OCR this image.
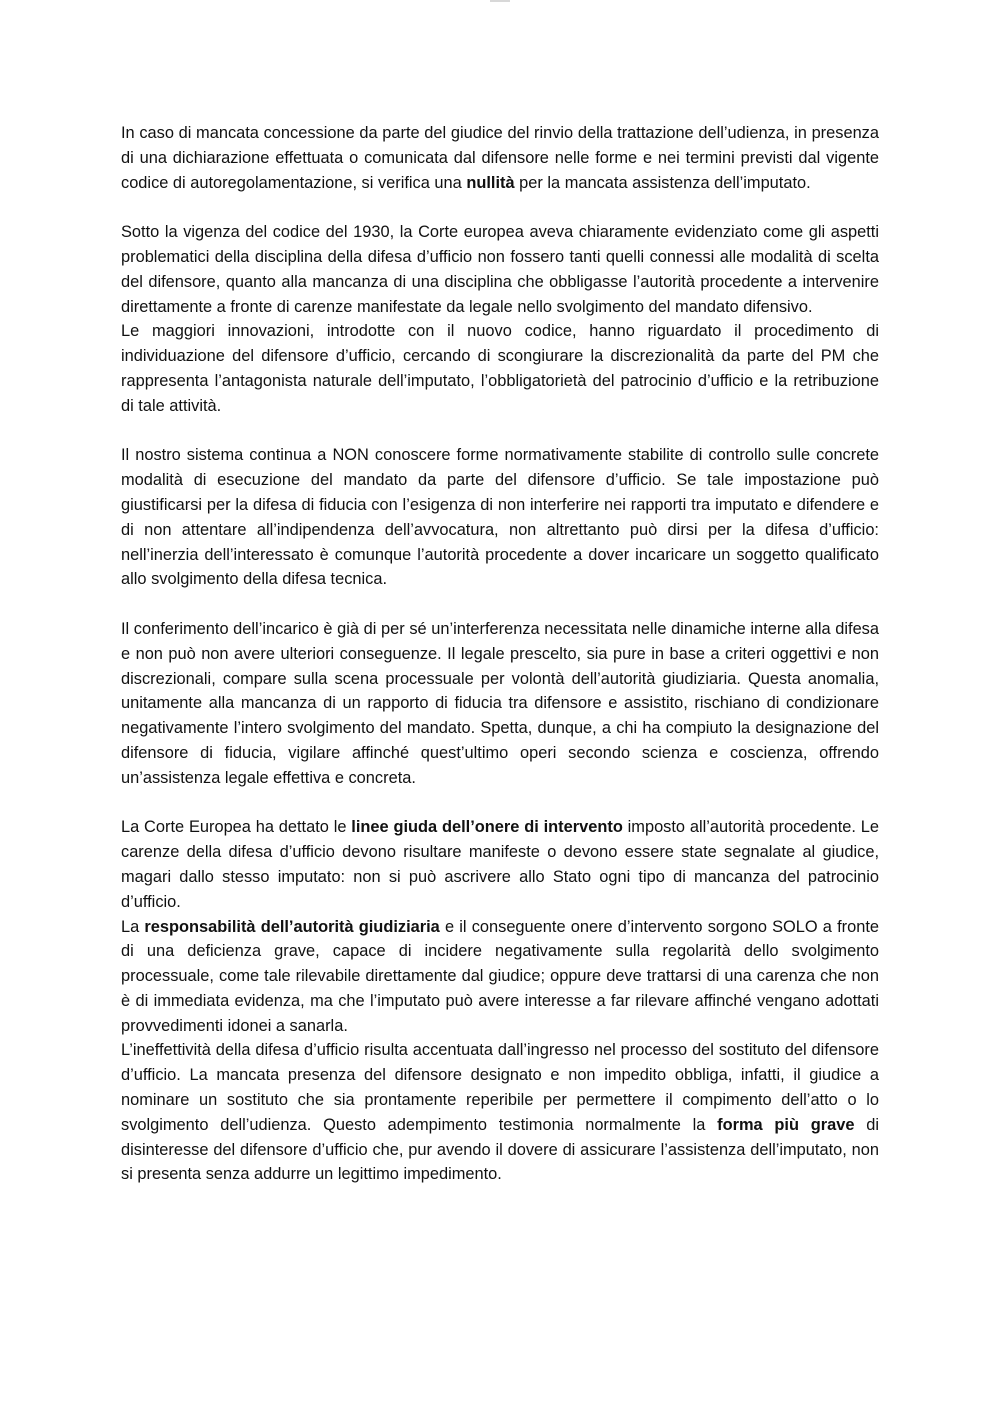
In caso di mancata concessione da parte del giudice del rinvio della trattazione dell’udienza, in presenza di una dichiarazione effettuata o comunicata dal difensore nelle forme e nei termini previsti dal vigente codice di autoregolamentazione, si verifica una nullità per la mancata assistenza dell’imputato.

Sotto la vigenza del codice del 1930, la Corte europea aveva chiaramente evidenziato come gli aspetti problematici della disciplina della difesa d’ufficio non fossero tanti quelli connessi alle modalità di scelta del difensore, quanto alla mancanza di una disciplina che obbligasse l’autorità procedente a intervenire direttamente a fronte di carenze manifestate da legale nello svolgimento del mandato difensivo.

Le maggiori innovazioni, introdotte con il nuovo codice, hanno riguardato il procedimento di individuazione del difensore d’ufficio, cercando di scongiurare la discrezionalità da parte del PM che rappresenta l’antagonista naturale dell’imputato, l’obbligatorietà del patrocinio d’ufficio e la retribuzione di tale attività.

Il nostro sistema continua a NON conoscere forme normativamente stabilite di controllo sulle concrete modalità di esecuzione del mandato da parte del difensore d’ufficio. Se tale impostazione può giustificarsi per la difesa di fiducia con l’esigenza di non interferire nei rapporti tra imputato e difendere e di non attentare all’indipendenza dell’avvocatura, non altrettanto può dirsi per la difesa d’ufficio: nell’inerzia dell’interessato è comunque l’autorità procedente a dover incaricare un soggetto qualificato allo svolgimento della difesa tecnica.

Il conferimento dell’incarico è già di per sé un’interferenza necessitata nelle dinamiche interne alla difesa e non può non avere ulteriori conseguenze. Il legale prescelto, sia pure in base a criteri oggettivi e non discrezionali, compare sulla scena processuale per volontà dell’autorità giudiziaria. Questa anomalia, unitamente alla mancanza di un rapporto di fiducia tra difensore e assistito, rischiano di condizionare negativamente l’intero svolgimento del mandato. Spetta, dunque, a chi ha compiuto la designazione del difensore di fiducia, vigilare affinché quest’ultimo operi secondo scienza e coscienza, offrendo un’assistenza legale effettiva e concreta.

La Corte Europea ha dettato le linee giuda dell’onere di intervento imposto all’autorità procedente. Le carenze della difesa d’ufficio devono risultare manifeste o devono essere state segnalate al giudice, magari dallo stesso imputato: non si può ascrivere allo Stato ogni tipo di mancanza del patrocinio d’ufficio.

La responsabilità dell’autorità giudiziaria e il conseguente onere d’intervento sorgono SOLO a fronte di una deficienza grave, capace di incidere negativamente sulla regolarità dello svolgimento processuale, come tale rilevabile direttamente dal giudice; oppure deve trattarsi di una carenza che non è di immediata evidenza, ma che l’imputato può avere interesse a far rilevare affinché vengano adottati provvedimenti idonei a sanarla.

L’ineffettività della difesa d’ufficio risulta accentuata dall’ingresso nel processo del sostituto del difensore d’ufficio. La mancata presenza del difensore designato e non impedito obbliga, infatti, il giudice a nominare un sostituto che sia prontamente reperibile per permettere il compimento dell’atto o lo svolgimento dell’udienza. Questo adempimento testimonia normalmente la forma più grave di disinteresse del difensore d’ufficio che, pur avendo il dovere di assicurare l’assistenza dell’imputato, non si presenta senza addurre un legittimo impedimento.
